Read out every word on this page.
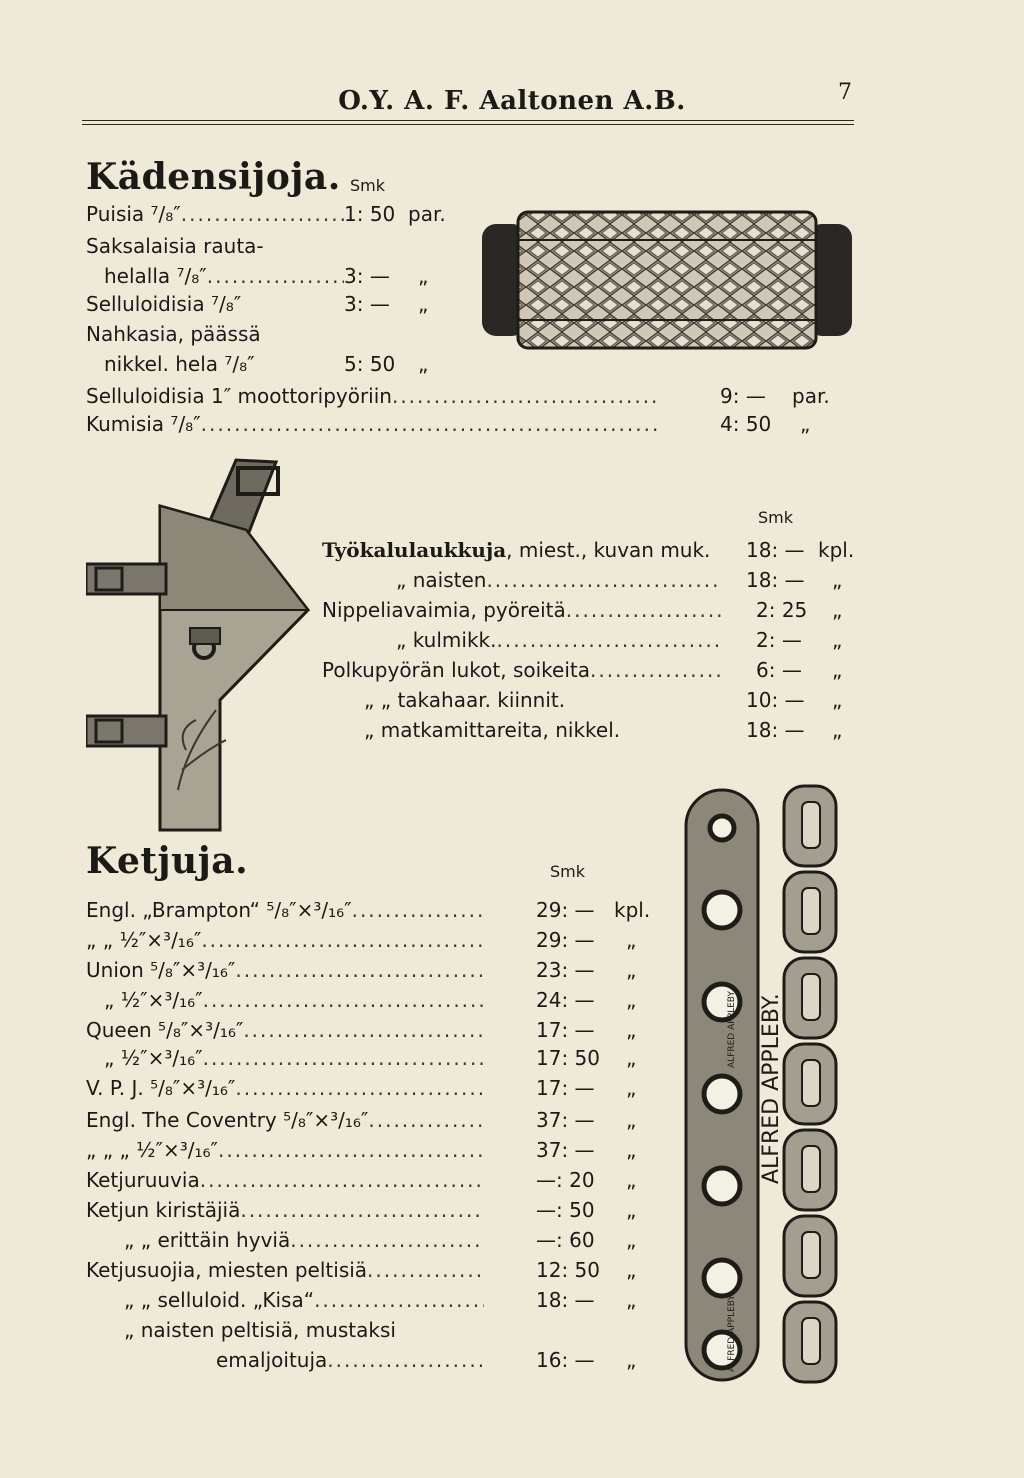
O.Y. A. F. Aaltonen A.B.	7
Kädensijoja. Smk
Puisia ⁷/₈″ .....	1: 50 par.
Saksalaisia rauta-
helalla ⁷/₈″ .....	3: — „
Selluloidisia ⁷/₈″	3: — „
Nahkasia, päässä
nikkel. hela ⁷/₈″	5: 50 „
Selluloidisia 1″ moottoripyöriin .....	9: — par.
Kumisia ⁷/₈″ .....	4: 50 „
Smk
Työkalulaukkuja, miest., kuvan muk. 18: — kpl.
„ naisten .....	18: — „
Nippeliavaimia, pyöreitä .....	2: 25 „
„ kulmikk. .....	2: — „
Polkupyörän lukot, soikeita .....	6: — „
„ „ takahaar. kiinnit.	10: — „
„ matkamittareita, nikkel.	18: — „
Ketjuja.	Smk
Engl. „Brampton“ ⁵/₈″×³/₁₆″ .....	29: — kpl.
„ „ ½″×³/₁₆″ .....	29: — „
Union ⁵/₈″×³/₁₆″ .....	23: — „
„ ½″×³/₁₆″ .....	24: — „
Queen ⁵/₈″×³/₁₆″ .....	17: — „
„ ½″×³/₁₆″ .....	17: 50 „
V. P. J. ⁵/₈″×³/₁₆″ .....	17: — „
Engl. The Coventry ⁵/₈″×³/₁₆″ .....	37: — „
„ „ „ ½″×³/₁₆″ .....	37: — „
Ketjuruuvia .....	—: 20 „
Ketjun kiristäjiä .....	—: 50 „
„ „ erittäin hyviä .....	—: 60 „
Ketjusuojia, miesten peltisiä .....	12: 50 „
„ „ selluloid. „Kisa“ .....	18: — „
„ naisten peltisiä, mustaksi
emaljoituja .....	16: — „
ALFRED APPLEBY.
ALFRED APPLEBY
ALFRED APPLEBY
